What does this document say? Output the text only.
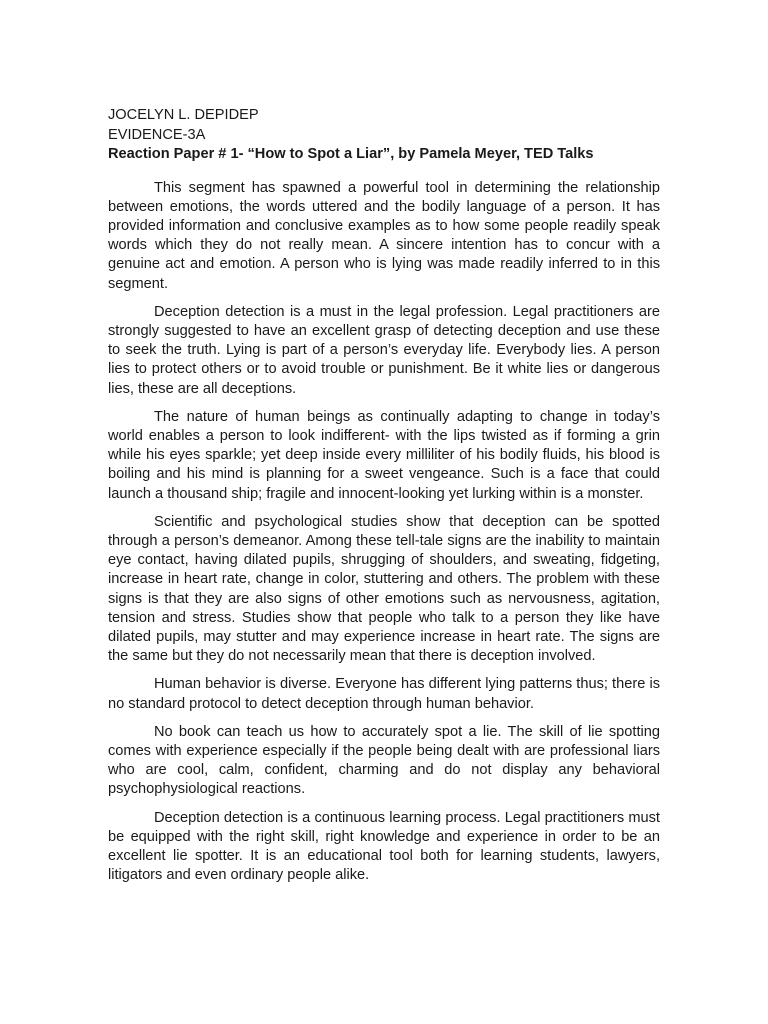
JOCELYN L. DEPIDEP

EVIDENCE-3A

Reaction Paper # 1- “How to Spot a Liar”, by Pamela Meyer, TED Talks

This segment has spawned a powerful tool in determining the relationship between emotions, the words uttered and the bodily language of a person. It has provided information and conclusive examples as to how some people readily speak words which they do not really mean. A sincere intention has to concur with a genuine act and emotion. A person who is lying was made readily inferred to in this segment.

Deception detection is a must in the legal profession. Legal practitioners are strongly suggested to have an excellent grasp of detecting deception and use these to seek the truth. Lying is part of a person’s everyday life. Everybody lies. A person lies to protect others or to avoid trouble or punishment. Be it white lies or dangerous lies, these are all deceptions.

The nature of human beings as continually adapting to change in today’s world enables a person to look indifferent- with the lips twisted as if forming a grin while his eyes sparkle; yet deep inside every milliliter of his bodily fluids, his blood is boiling and his mind is planning for a sweet vengeance. Such is a face that could launch a thousand ship; fragile and innocent-looking yet lurking within is a monster.

Scientific and psychological studies show that deception can be spotted through a person’s demeanor. Among these tell-tale signs are the inability to maintain eye contact, having dilated pupils, shrugging of shoulders, and sweating, fidgeting, increase in heart rate, change in color, stuttering and others. The problem with these signs is that they are also signs of other emotions such as nervousness, agitation, tension and stress. Studies show that people who talk to a person they like have dilated pupils, may stutter and may experience increase in heart rate. The signs are the same but they do not necessarily mean that there is deception involved.

Human behavior is diverse. Everyone has different lying patterns thus; there is no standard protocol to detect deception through human behavior.

No book can teach us how to accurately spot a lie. The skill of lie spotting comes with experience especially if the people being dealt with are professional liars who are cool, calm, confident, charming and do not display any behavioral psychophysiological reactions.

Deception detection is a continuous learning process. Legal practitioners must be equipped with the right skill, right knowledge and experience in order to be an excellent lie spotter. It is an educational tool both for learning students, lawyers, litigators and even ordinary people alike.
